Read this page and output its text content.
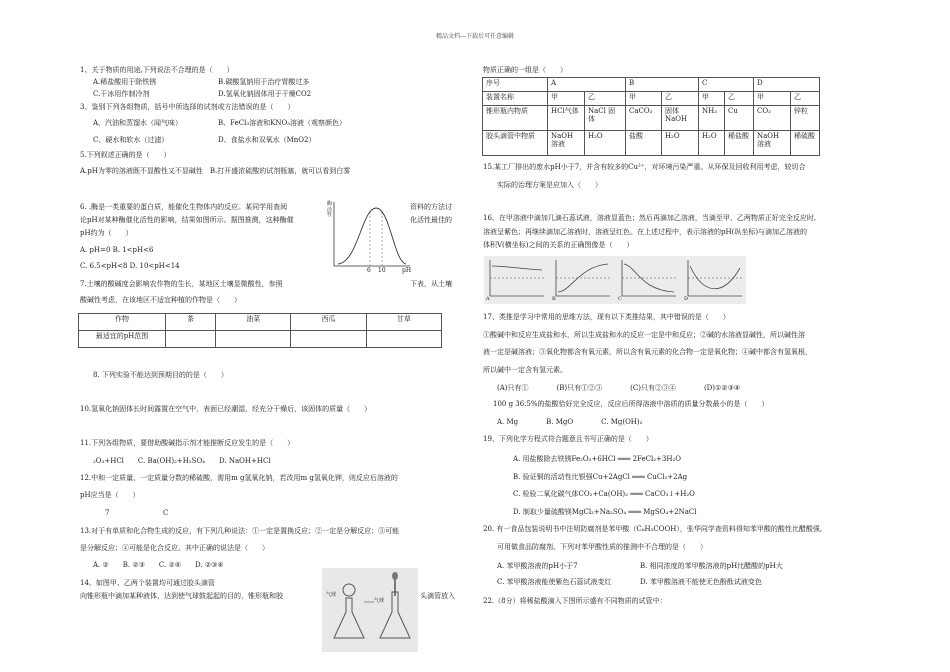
精品文档---下载后可任意编辑
1、关于物质的用途,下列说法不合理的是（　　）
A.稀盐酸用于除铁锈	B.碳酸氢钠用于治疗胃酸过多
C.干冰用作制冷剂	D.氢氧化钠固体用于干燥CO2
3、鉴别下列各组物质，括号中所选择的试剂或方法错误的是（　　）
A、汽油和蒸馏水（闻气味）	B、FeCl₃溶液和KNO₃溶液（观察颜色）
C、硬水和软水（过滤）	D、食盐水和双氧水（MnO2）
5.下列叙述正确的是（　　）
A.pH为零的溶液既不显酸性又不显碱性　B.打开盛浓硫酸的试剂瓶塞，就可以看到白雾
6. .酶是一类重要的蛋白质，能催化生物体内的反应。某同学用查阅	资料的方法讨
论pH对某种酶催化活性的影响，结果如图所示。据图推测，这种酶催	化活性最佳的
pH约为（　　）
A. pH=0 B. 1<pH<6
C. 6.5<pH<8 D. 10<pH<14
酶活性
6 10	pH
7.土壤的酸碱度会影响农作物的生长，某地区土壤显微酸性，参照	下表，从土壤
酸碱性考虑，在该地区不适宜种植的作物是（　　）
作物	茶	油菜	西瓜	甘草
最适宜的pH范围				
8. 下列实验不能达到预期目的的是（　　）
10.氢氧化钠固体长时间露置在空气中，表面已经潮湿，经充分干燥后，该固体的质量（　　）
11.下列各组物质，要借助酸碱指示剂才能推断反应发生的是（　　）
₂O₃+HCl　　C. Ba(OH)₂+H₂SO₄　　D. NaOH+HCl
12.中和一定质量、一定质量分数的稀硫酸，需用m g氢氧化钠，若改用m g氢氧化钾，则反应后溶液的
pH应当是（　　）
7	C
13.对于有单质和化合物生成的反应，有下列几种说法：①一定是置换反应；②一定是分解反应；③可能
是分解反应；④可能是化合反应。其中正确的说法是（　　）
A. ②　　B. ②③　　C. ②④　　D. ②③④
14、如图甲、乙两个装置均可通过胶头滴管
向锥形瓶中滴加某种液体，达到使气球鼓起起的目的，锥形瓶和胶	头滴管放入
气球
气球
物质正确的一组是（　　）
序号	A		B		C		D	
装置名称	甲	乙	甲	乙	甲	乙	甲	乙
锥形瓶内物质	HCl气体	NaCl 固体	CaCO₃	固体NaOH	NH₃	Cu	CO₂	锌粒
胶头滴管中物质	NaOH 溶液	H₂O	盐酸	H₂O	H₂O	稀盐酸	NaOH 溶液	稀硫酸
15.某工厂排出的废水pH小于7，并含有较多的Cu²⁺，对环境污染严重。从环保及回收利用考虑，较切合
实际的治理方案是应加入（　　）
16、在甲溶液中滴加几滴石蕊试液，溶液显蓝色；然后再滴加乙溶液，当滴至甲、乙两物质正好完全反应时,
溶液呈紫色；再继续滴加乙溶液时，溶液呈红色。在上述过程中，表示溶液的pH(纵坐标)与滴加乙溶液的
体积V(横坐标)之间的关系的正确图像是（　　）
A	B	C	D
17、类推是学习中常用的思维方法，现有以下类推结果，其中错误的是（　　）
①酸碱中和反应生成盐和水，所以生成盐和水的反应一定是中和反应；②碱的水溶液显碱性，所以碱性溶
液一定是碱溶液；③氧化物都含有氧元素，所以含有氧元素的化合物一定是氧化物；④碱中都含有氢氧根，
所以碱中一定含有氢元素。
(A)只有①　　　　(B)只有①②③　　　　(C)只有②③④　　　　(D)①②③④
100 g 36.5%的盐酸恰好完全反应，反应后所得溶液中溶质的质量分数最小的是（　　）
A. Mg　　　　B. MgO　　　　C. Mg(OH)₂
19、下列化学方程式符合题意且书写正确的是（　　）
A. 用盐酸除去铁锈Fe₂O₃+6HCl ═══ 2FeCl₂+3H₂O
B. 验证铜的活动性比银强Cu+2AgCl ═══ CuCl₂+2Ag
C. 检验二氧化碳气体CO₂+Ca(OH)₂ ═══ CaCO₃↓+H₂O
D. 制取少量硫酸镁MgCl₂+Na₂SO₄ ═══ MgSO₄+2NaCl
20. 有一食品包装说明书中注明防腐剂是苯甲酸（C₆H₅COOH），张华同学查资料得知苯甲酸的酸性比醋酸强,
可用做食品防腐剂。下列对苯甲酸性质的推测中不合理的是（　　）
A. 苯甲酸溶液的pH小于7	B. 相同浓度的苯甲酸溶液的pH比醋酸的pH大
C. 苯甲酸溶液能使紫色石蕊试液变红	D. 苯甲酸溶液不能使无色酚酞试液变色
22.（8分）将稀盐酸滴入下图所示盛有不同物质的试管中：
